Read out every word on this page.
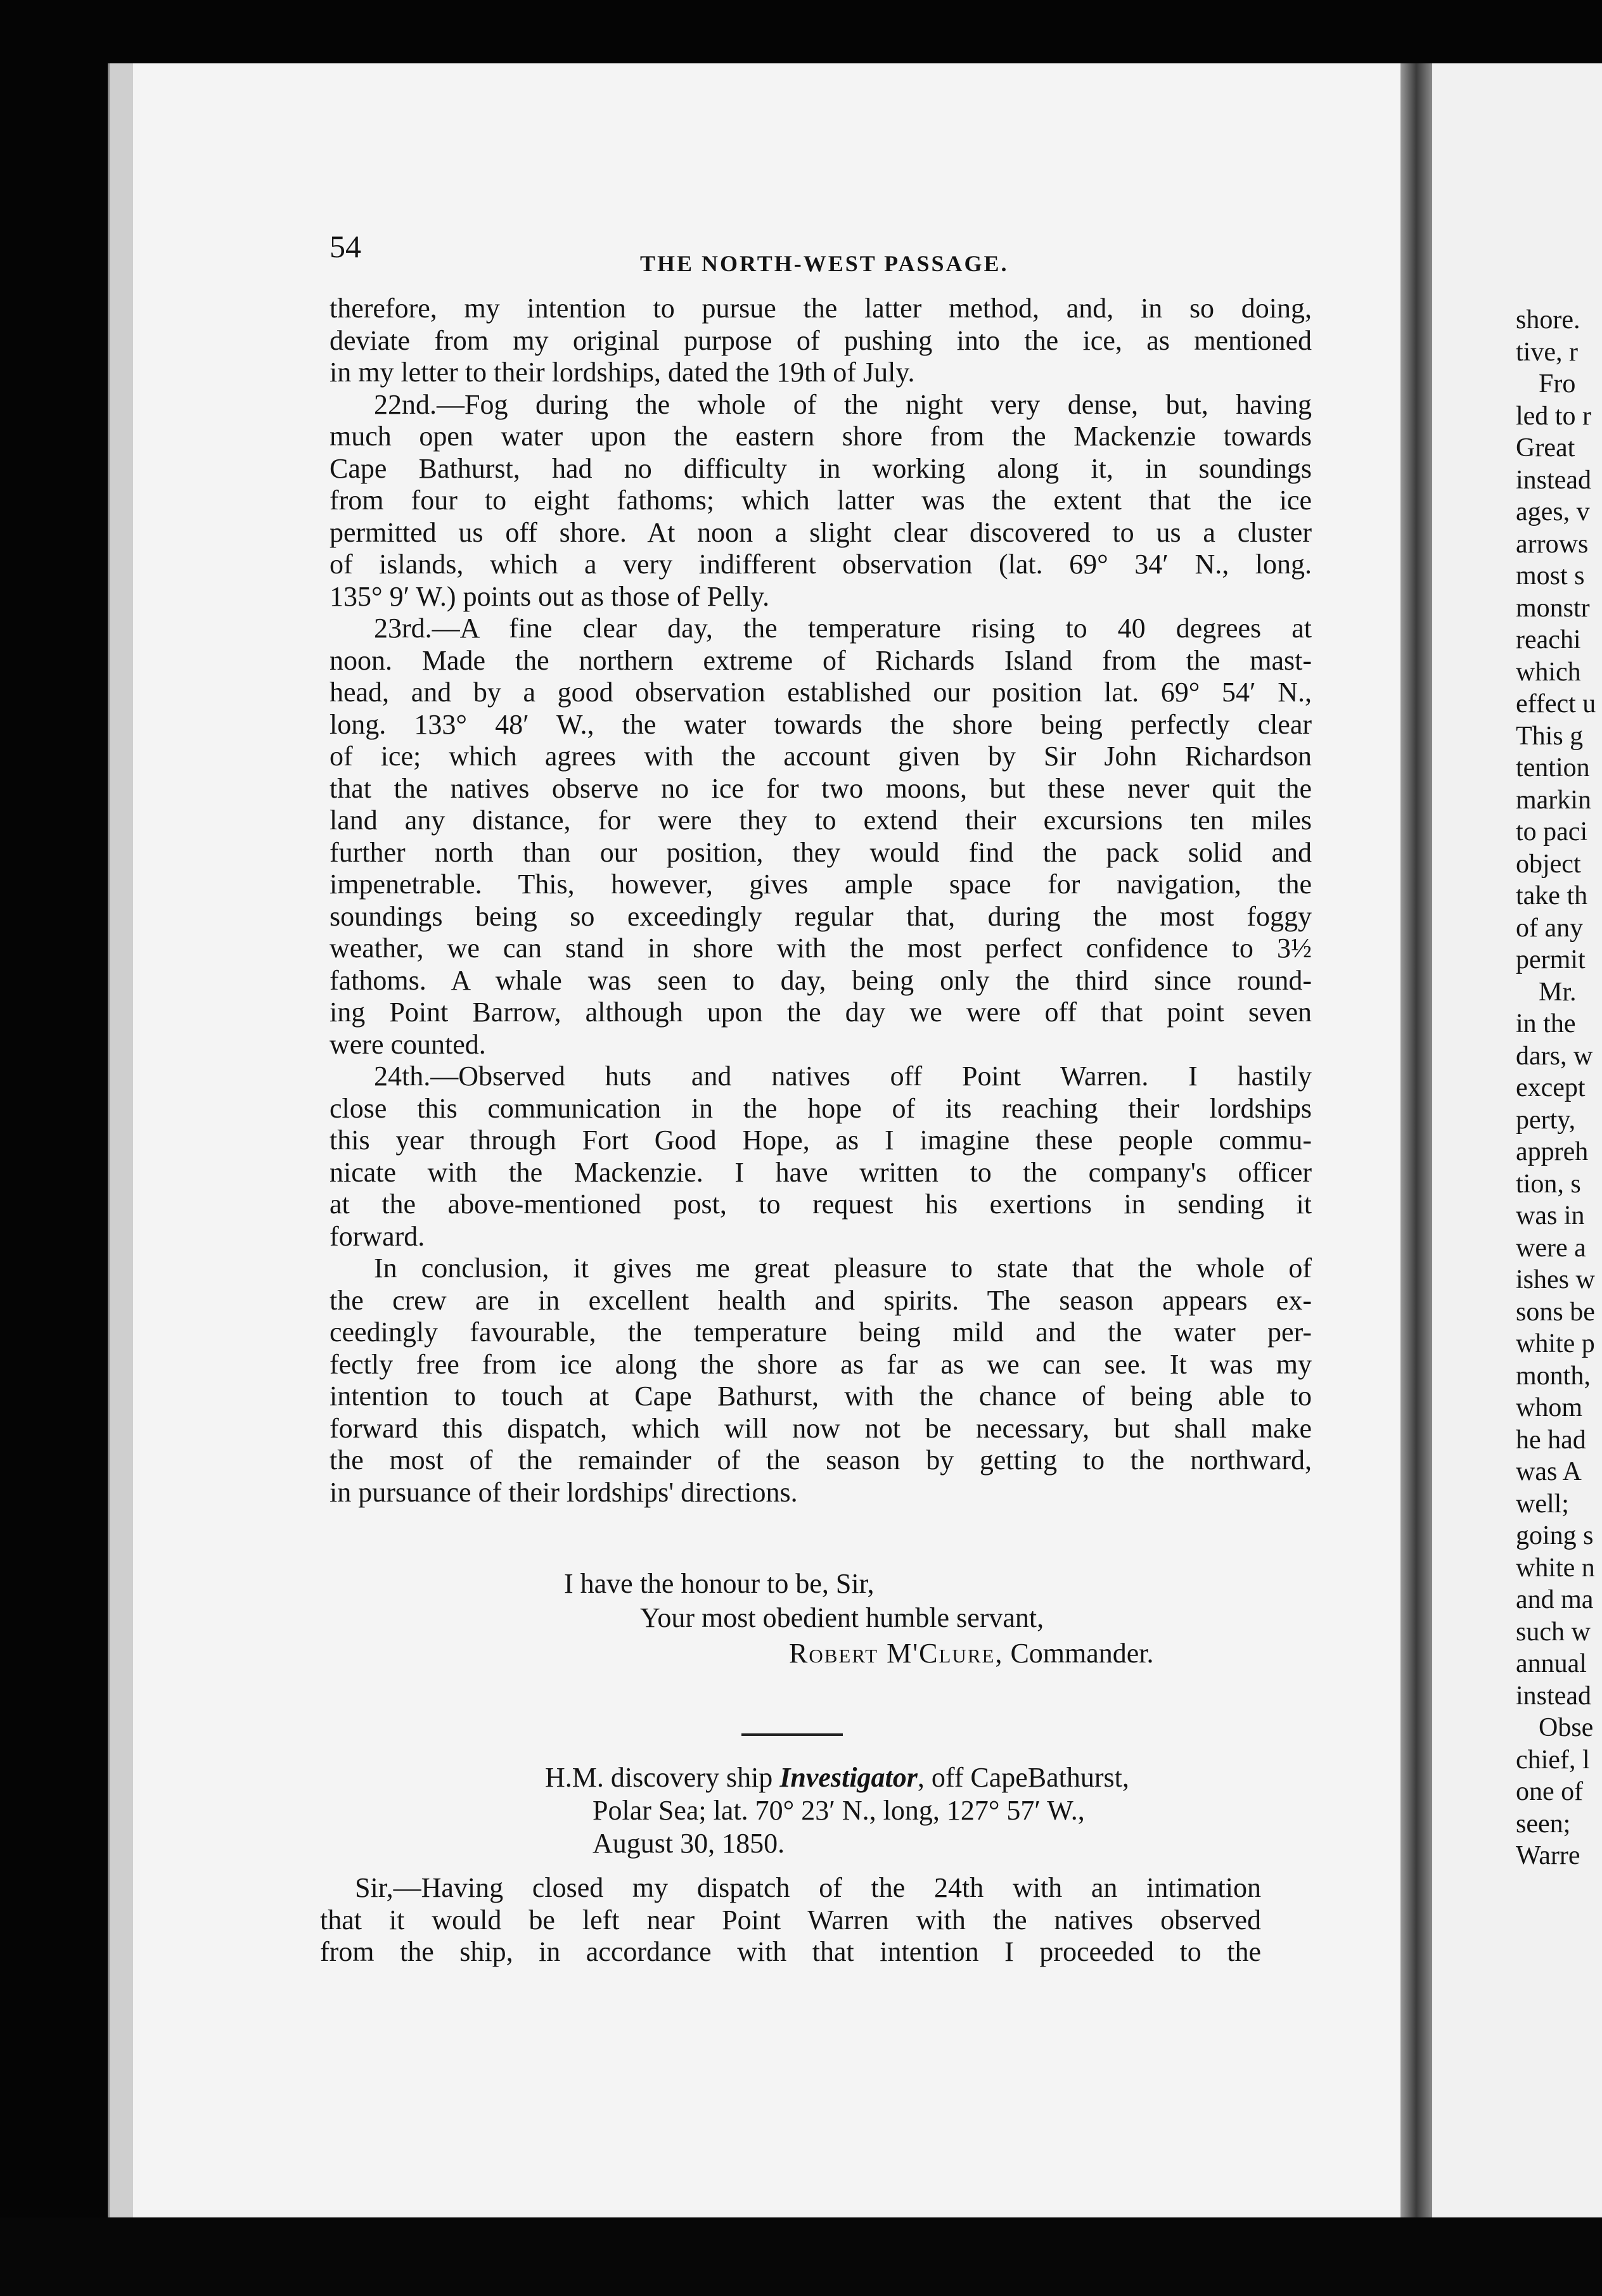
54	THE NORTH-WEST PASSAGE.
therefore, my intention to pursue the latter method, and, in so doing,
deviate from my original purpose of pushing into the ice, as mentioned
in my letter to their lordships, dated the 19th of July.
22nd.—Fog during the whole of the night very dense, but, having
much open water upon the eastern shore from the Mackenzie towards
Cape Bathurst, had no difficulty in working along it, in soundings
from four to eight fathoms; which latter was the extent that the ice
permitted us off shore. At noon a slight clear discovered to us a cluster
of islands, which a very indifferent observation (lat. 69° 34′ N., long.
135° 9′ W.) points out as those of Pelly.
23rd.—A fine clear day, the temperature rising to 40 degrees at
noon. Made the northern extreme of Richards Island from the mast-
head, and by a good observation established our position lat. 69° 54′ N.,
long. 133° 48′ W., the water towards the shore being perfectly clear
of ice; which agrees with the account given by Sir John Richardson
that the natives observe no ice for two moons, but these never quit the
land any distance, for were they to extend their excursions ten miles
further north than our position, they would find the pack solid and
impenetrable. This, however, gives ample space for navigation, the
soundings being so exceedingly regular that, during the most foggy
weather, we can stand in shore with the most perfect confidence to 3½
fathoms. A whale was seen to day, being only the third since round-
ing Point Barrow, although upon the day we were off that point seven
were counted.
24th.—Observed huts and natives off Point Warren. I hastily
close this communication in the hope of its reaching their lordships
this year through Fort Good Hope, as I imagine these people commu-
nicate with the Mackenzie. I have written to the company's officer
at the above-mentioned post, to request his exertions in sending it
forward.
In conclusion, it gives me great pleasure to state that the whole of
the crew are in excellent health and spirits. The season appears ex-
ceedingly favourable, the temperature being mild and the water per-
fectly free from ice along the shore as far as we can see. It was my
intention to touch at Cape Bathurst, with the chance of being able to
forward this dispatch, which will now not be necessary, but shall make
the most of the remainder of the season by getting to the northward,
in pursuance of their lordships' directions.

I have the honour to be, Sir,

Your most obedient humble servant,

Robert M'Clure, Commander.

H.M. discovery ship Investigator, off CapeBathurst,
Polar Sea; lat. 70° 23′ N., long, 127° 57′ W.,
August 30, 1850.
Sir,—Having closed my dispatch of the 24th with an intimation
that it would be left near Point Warren with the natives observed
from the ship, in accordance with that intention I proceeded to the
shore.
tive, r
Fro
led to r
Great
instead
ages, v
arrows
most s
monstr
reachi
which
effect u
This g
tention
markin
to paci
object
take th
of any
permit
Mr.
in the
dars, w
except
perty,
appreh
tion, s
was in
were a
ishes w
sons be
white p
month,
whom
he had
was A
well;
going s
white n
and ma
such w
annual
instead
Obse
chief, l
one of
seen;
Warre
